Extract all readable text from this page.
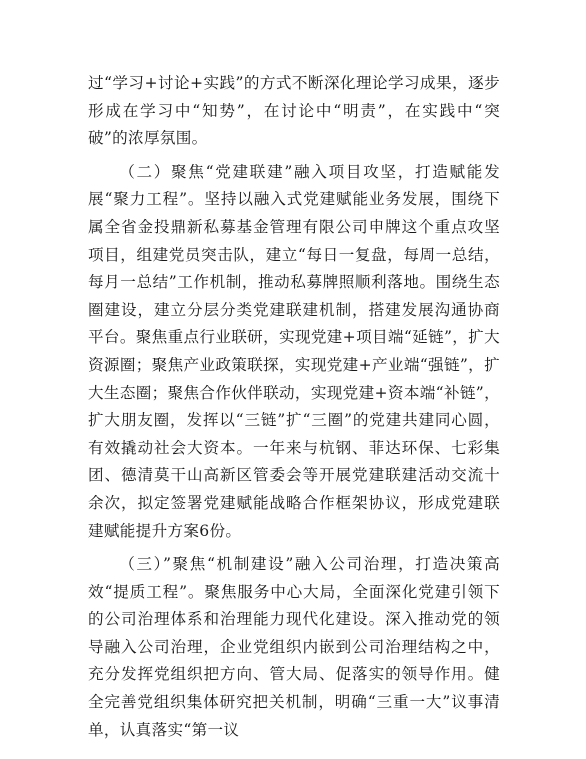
过“学习+讨论+实践”的方式不断深化理论学习成果，逐步形成在学习中“知势”，在讨论中“明责”，在实践中“突破”的浓厚氛围。

（二）聚焦“党建联建”融入项目攻坚，打造赋能发展“聚力工程”。坚持以融入式党建赋能业务发展，围绕下属全省金投鼎新私募基金管理有限公司申牌这个重点攻坚项目，组建党员突击队，建立“每日一复盘，每周一总结，每月一总结”工作机制，推动私募牌照顺利落地。围绕生态圈建设，建立分层分类党建联建机制，搭建发展沟通协商平台。聚焦重点行业联研，实现党建+项目端“延链”，扩大资源圈；聚焦产业政策联探，实现党建+产业端“强链”，扩大生态圈；聚焦合作伙伴联动，实现党建+资本端“补链”，扩大朋友圈，发挥以“三链”扩“三圈”的党建共建同心圆，有效撬动社会大资本。一年来与杭钢、菲达环保、七彩集团、德清莫干山高新区管委会等开展党建联建活动交流十余次，拟定签署党建赋能战略合作框架协议，形成党建联建赋能提升方案6份。

（三）”聚焦“机制建设”融入公司治理，打造决策高效“提质工程”。聚焦服务中心大局，全面深化党建引领下的公司治理体系和治理能力现代化建设。深入推动党的领导融入公司治理，企业党组织内嵌到公司治理结构之中，充分发挥党组织把方向、管大局、促落实的领导作用。健全完善党组织集体研究把关机制，明确“三重一大”议事清单，认真落实“第一议
